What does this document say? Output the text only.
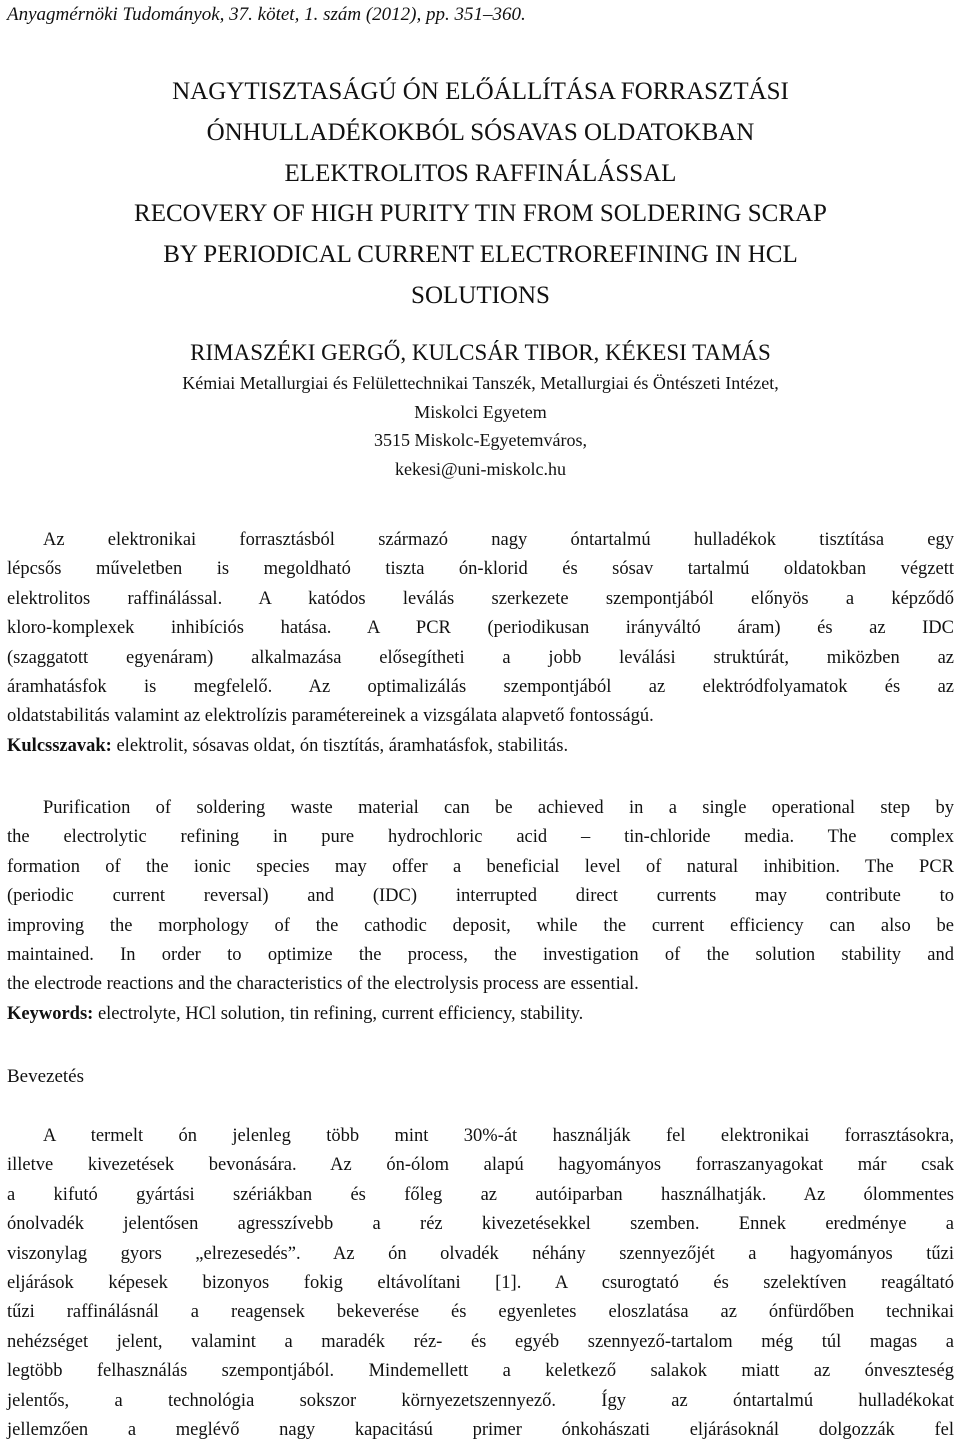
Anyagmérnöki Tudományok, 37. kötet, 1. szám (2012), pp. 351–360.
NAGYTISZTASÁGÚ ÓN ELŐÁLLÍTÁSA FORRASZTÁSI
ÓNHULLADÉKOKBÓL SÓSAVAS OLDATOKBAN
ELEKTROLITOS RAFFINÁLÁSSAL
RECOVERY OF HIGH PURITY TIN FROM SOLDERING SCRAP
BY PERIODICAL CURRENT ELECTROREFINING IN HCL
SOLUTIONS
RIMASZÉKI GERGŐ, KULCSÁR TIBOR, KÉKESI TAMÁS
Kémiai Metallurgiai és Felülettechnikai Tanszék, Metallurgiai és Öntészeti Intézet,
Miskolci Egyetem
3515 Miskolc-Egyetemváros,
kekesi@uni-miskolc.hu
Az elektronikai forrasztásból származó nagy óntartalmú hulladékok tisztítása egy
lépcsős műveletben is megoldható tiszta ón-klorid és sósav tartalmú oldatokban végzett
elektrolitos raffinálással. A katódos leválás szerkezete szempontjából előnyös a képződő
kloro-komplexek inhibíciós hatása. A PCR (periodikusan irányváltó áram) és az IDC
(szaggatott egyenáram) alkalmazása elősegítheti a jobb leválási struktúrát, miközben az
áramhatásfok is megfelelő. Az optimalizálás szempontjából az elektródfolyamatok és az
oldatstabilitás valamint az elektrolízis paramétereinek a vizsgálata alapvető fontosságú.
Kulcsszavak: elektrolit, sósavas oldat, ón tisztítás, áramhatásfok, stabilitás.
Purification of soldering waste material can be achieved in a single operational step by
the electrolytic refining in pure hydrochloric acid – tin-chloride media. The complex
formation of the ionic species may offer a beneficial level of natural inhibition. The PCR
(periodic current reversal) and (IDC) interrupted direct currents may contribute to
improving the morphology of the cathodic deposit, while the current efficiency can also be
maintained. In order to optimize the process, the investigation of the solution stability and
the electrode reactions and the characteristics of the electrolysis process are essential.
Keywords: electrolyte, HCl solution, tin refining, current efficiency, stability.
Bevezetés
A termelt ón jelenleg több mint 30%-át használják fel elektronikai forrasztásokra,
illetve kivezetések bevonására. Az ón-ólom alapú hagyományos forraszanyagokat már csak
a kifutó gyártási szériákban és főleg az autóiparban használhatják. Az ólommentes
ónolvadék jelentősen agresszívebb a réz kivezetésekkel szemben. Ennek eredménye a
viszonylag gyors „elrezesedés”. Az ón olvadék néhány szennyezőjét a hagyományos tűzi
eljárások képesek bizonyos fokig eltávolítani [1]. A csurogtató és szelektíven reagáltató
tűzi raffinálásnál a reagensek bekeverése és egyenletes eloszlatása az ónfürdőben technikai
nehézséget jelent, valamint a maradék réz- és egyéb szennyező-tartalom még túl magas a
legtöbb felhasználás szempontjából. Mindemellett a keletkező salakok miatt az ónveszteség
jelentős, a technológia sokszor környezetszennyező. Így az óntartalmú hulladékokat
jellemzően a meglévő nagy kapacitású primer ónkohászati eljárásoknál dolgozzák fel
